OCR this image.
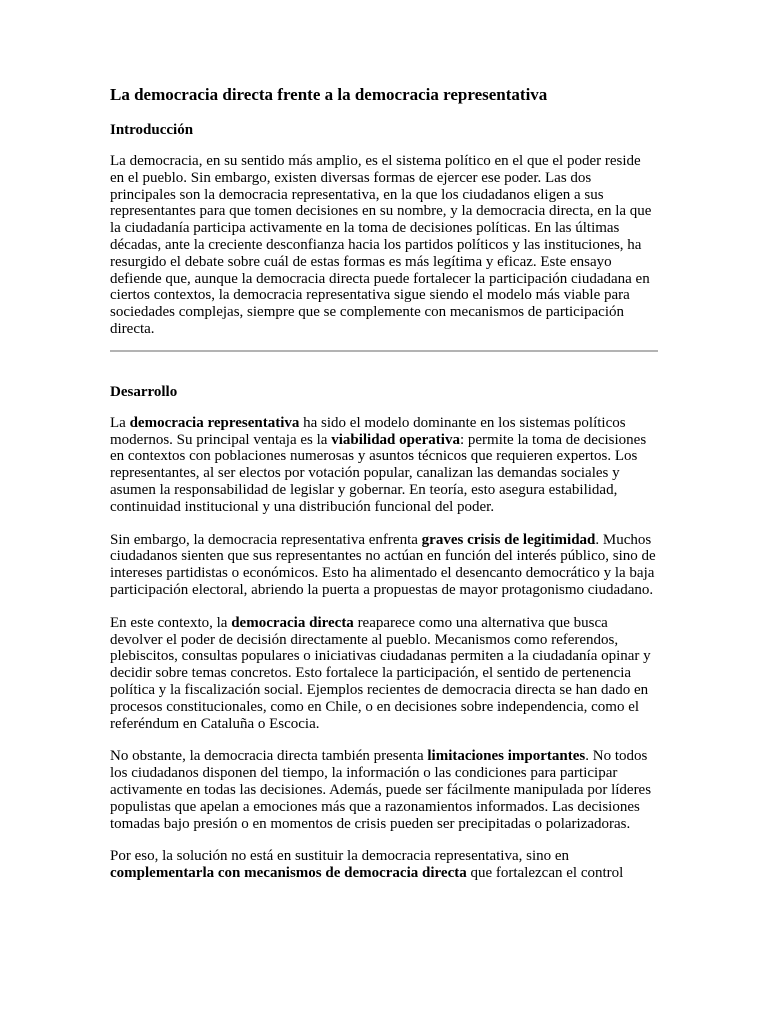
La democracia directa frente a la democracia representativa
Introducción

La democracia, en su sentido más amplio, es el sistema político en el que el poder reside en el pueblo. Sin embargo, existen diversas formas de ejercer ese poder. Las dos principales son la democracia representativa, en la que los ciudadanos eligen a sus representantes para que tomen decisiones en su nombre, y la democracia directa, en la que la ciudadanía participa activamente en la toma de decisiones políticas. En las últimas décadas, ante la creciente desconfianza hacia los partidos políticos y las instituciones, ha resurgido el debate sobre cuál de estas formas es más legítima y eficaz. Este ensayo defiende que, aunque la democracia directa puede fortalecer la participación ciudadana en ciertos contextos, la democracia representativa sigue siendo el modelo más viable para sociedades complejas, siempre que se complemente con mecanismos de participación directa.

Desarrollo

La democracia representativa ha sido el modelo dominante en los sistemas políticos modernos. Su principal ventaja es la viabilidad operativa: permite la toma de decisiones en contextos con poblaciones numerosas y asuntos técnicos que requieren expertos. Los representantes, al ser electos por votación popular, canalizan las demandas sociales y asumen la responsabilidad de legislar y gobernar. En teoría, esto asegura estabilidad, continuidad institucional y una distribución funcional del poder.

Sin embargo, la democracia representativa enfrenta graves crisis de legitimidad. Muchos ciudadanos sienten que sus representantes no actúan en función del interés público, sino de intereses partidistas o económicos. Esto ha alimentado el desencanto democrático y la baja participación electoral, abriendo la puerta a propuestas de mayor protagonismo ciudadano.

En este contexto, la democracia directa reaparece como una alternativa que busca devolver el poder de decisión directamente al pueblo. Mecanismos como referendos, plebiscitos, consultas populares o iniciativas ciudadanas permiten a la ciudadanía opinar y decidir sobre temas concretos. Esto fortalece la participación, el sentido de pertenencia política y la fiscalización social. Ejemplos recientes de democracia directa se han dado en procesos constitucionales, como en Chile, o en decisiones sobre independencia, como el referéndum en Cataluña o Escocia.

No obstante, la democracia directa también presenta limitaciones importantes. No todos los ciudadanos disponen del tiempo, la información o las condiciones para participar activamente en todas las decisiones. Además, puede ser fácilmente manipulada por líderes populistas que apelan a emociones más que a razonamientos informados. Las decisiones tomadas bajo presión o en momentos de crisis pueden ser precipitadas o polarizadoras.

Por eso, la solución no está en sustituir la democracia representativa, sino en complementarla con mecanismos de democracia directa que fortalezcan el control
